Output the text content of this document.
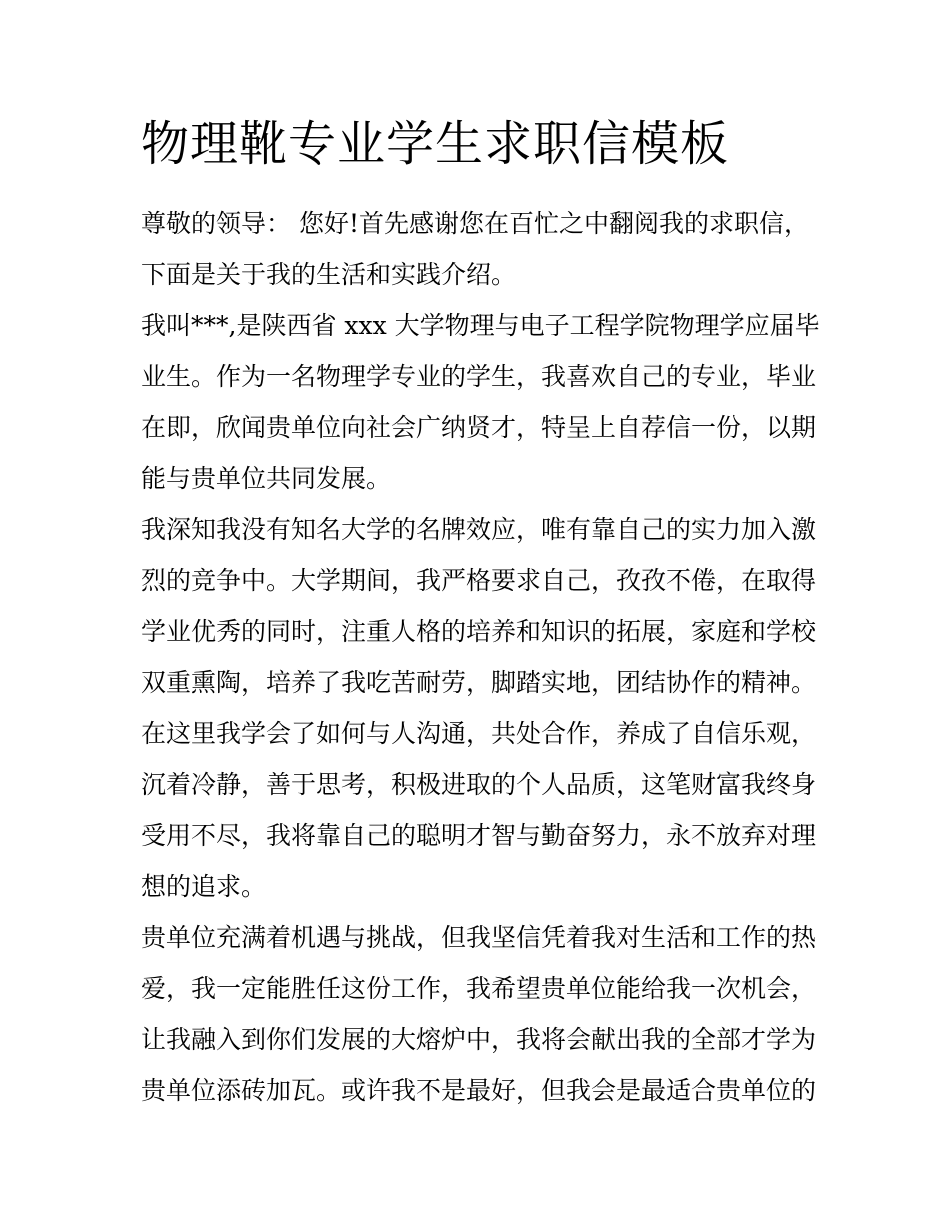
物理靴专业学生求职信模板
尊敬的领导： 您好!首先感谢您在百忙之中翻阅我的求职信，
下面是关于我的生活和实践介绍。
我叫***,是陕西省 xxx 大学物理与电子工程学院物理学应届毕
业生。作为一名物理学专业的学生，我喜欢自己的专业，毕业
在即，欣闻贵单位向社会广纳贤才，特呈上自荐信一份，以期
能与贵单位共同发展。
我深知我没有知名大学的名牌效应，唯有靠自己的实力加入激
烈的竞争中。大学期间，我严格要求自己，孜孜不倦，在取得
学业优秀的同时，注重人格的培养和知识的拓展，家庭和学校
双重熏陶，培养了我吃苦耐劳，脚踏实地，团结协作的精神。
在这里我学会了如何与人沟通，共处合作，养成了自信乐观，
沉着冷静，善于思考，积极进取的个人品质，这笔财富我终身
受用不尽，我将靠自己的聪明才智与勤奋努力，永不放弃对理
想的追求。
贵单位充满着机遇与挑战，但我坚信凭着我对生活和工作的热
爱，我一定能胜任这份工作，我希望贵单位能给我一次机会，
让我融入到你们发展的大熔炉中，我将会献出我的全部才学为
贵单位添砖加瓦。或许我不是最好，但我会是最适合贵单位的
